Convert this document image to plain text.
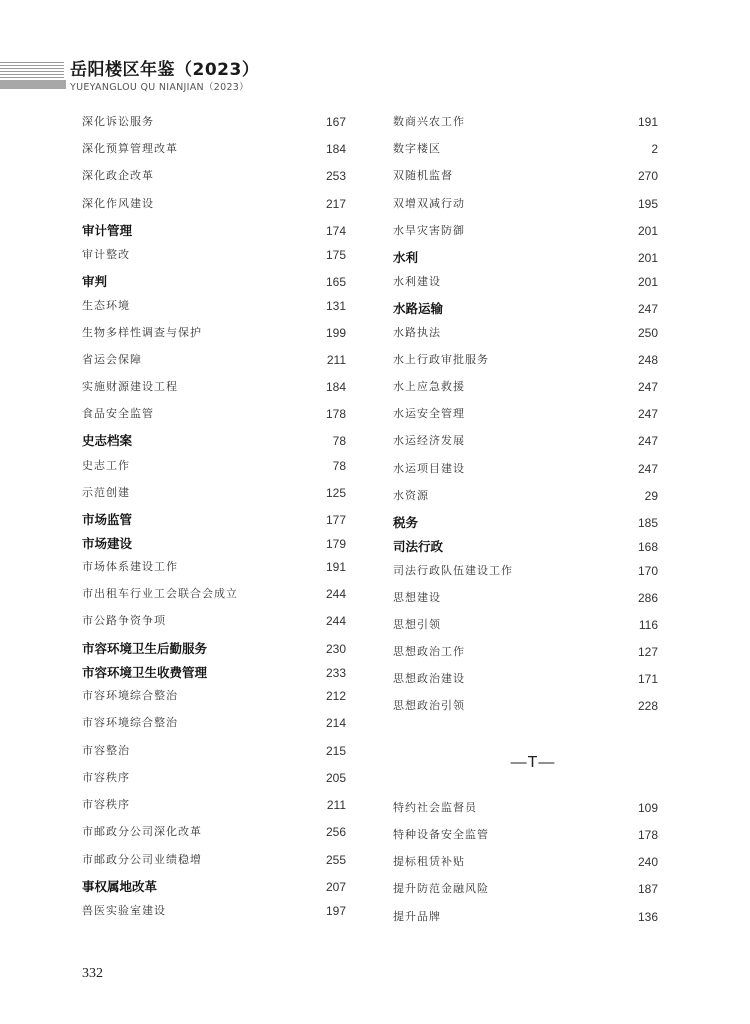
岳阳楼区年鉴（2023）
YUEYANGLOU QU NIANJIAN（2023）
深化诉讼服务	167
深化预算管理改革	184
深化政企改革	253
深化作风建设	217
审计管理	174
审计整改	175
审判	165
生态环境	131
生物多样性调查与保护	199
省运会保障	211
实施财源建设工程	184
食品安全监管	178
史志档案	78
史志工作	78
示范创建	125
市场监管	177
市场建设	179
市场体系建设工作	191
市出租车行业工会联合会成立	244
市公路争资争项	244
市容环境卫生后勤服务	230
市容环境卫生收费管理	233
市容环境综合整治	212
市容环境综合整治	214
市容整治	215
市容秩序	205
市容秩序	211
市邮政分公司深化改革	256
市邮政分公司业绩稳增	255
事权属地改革	207
兽医实验室建设	197
数商兴农工作	191
数字楼区	2
双随机监督	270
双增双减行动	195
水旱灾害防御	201
水利	201
水利建设	201
水路运输	247
水路执法	250
水上行政审批服务	248
水上应急救援	247
水运安全管理	247
水运经济发展	247
水运项目建设	247
水资源	29
税务	185
司法行政	168
司法行政队伍建设工作	170
思想建设	286
思想引领	116
思想政治工作	127
思想政治建设	171
思想政治引领	228
—T—
特约社会监督员	109
特种设备安全监管	178
提标租赁补贴	240
提升防范金融风险	187
提升品牌	136
332
